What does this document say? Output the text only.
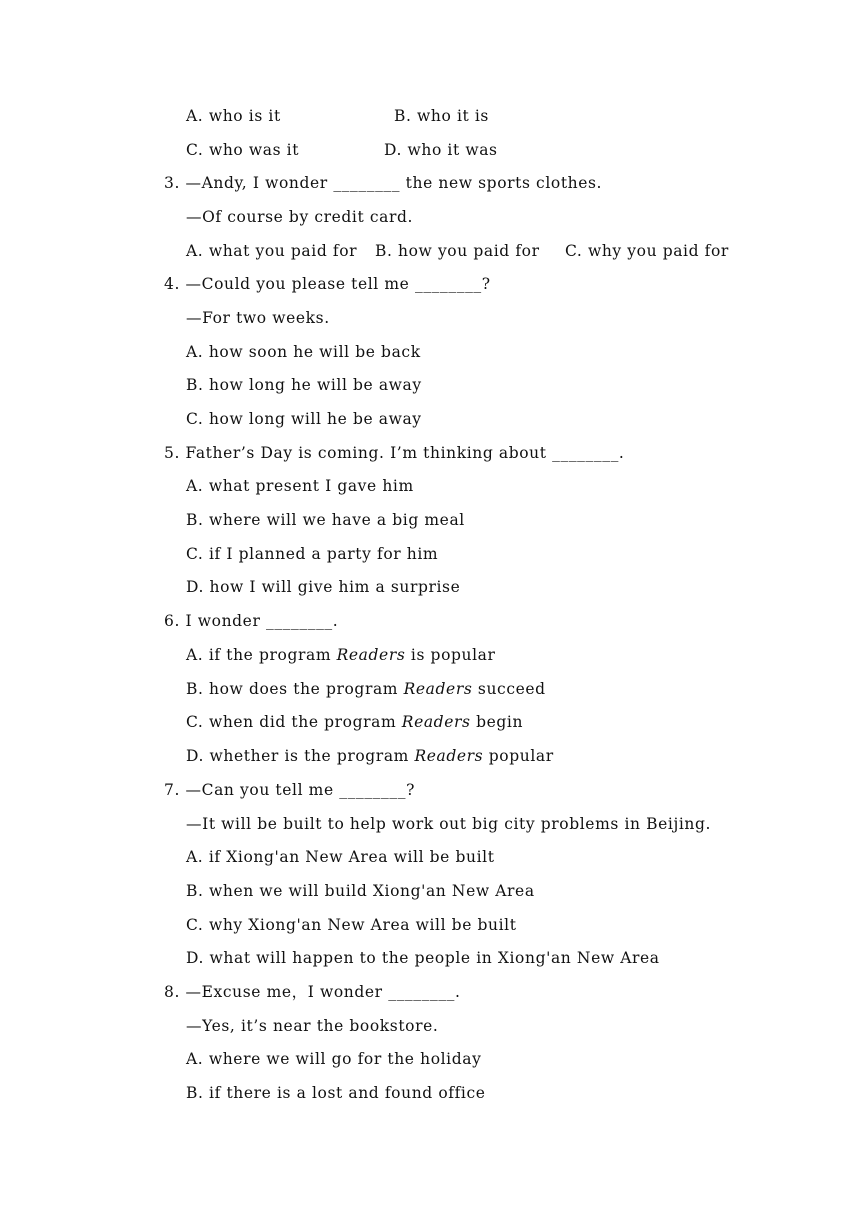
A. who is it

	B. who it is

C. who was it

	D. who it was

3. —Andy, I wonder ________ the new sports clothes.
—Of course by credit card.

A. what you paid for

B. how you paid for

C. why you paid for

4. —Could you please tell me ________?
—For two weeks.
A. how soon he will be back
B. how long he will be away
C. how long will he be away
5. Father’s Day is coming. I’m thinking about ________.
A. what present I gave him
B. where will we have a big meal
C. if I planned a party for him
D. how I will give him a surprise
6. I wonder ________.
A. if the program Readers is popular
B. how does the program Readers succeed
C. when did the program Readers begin
D. whether is the program Readers popular
7. —Can you tell me ________?
—It will be built to help work out big city problems in Beijing.
A. if Xiong'an New Area will be built
B. when we will build Xiong'an New Area
C. why Xiong'an New Area will be built
D. what will happen to the people in Xiong'an New Area
8. —Excuse me，I wonder ________.
—Yes, it’s near the bookstore.
A. where we will go for the holiday
B. if there is a lost and found office
